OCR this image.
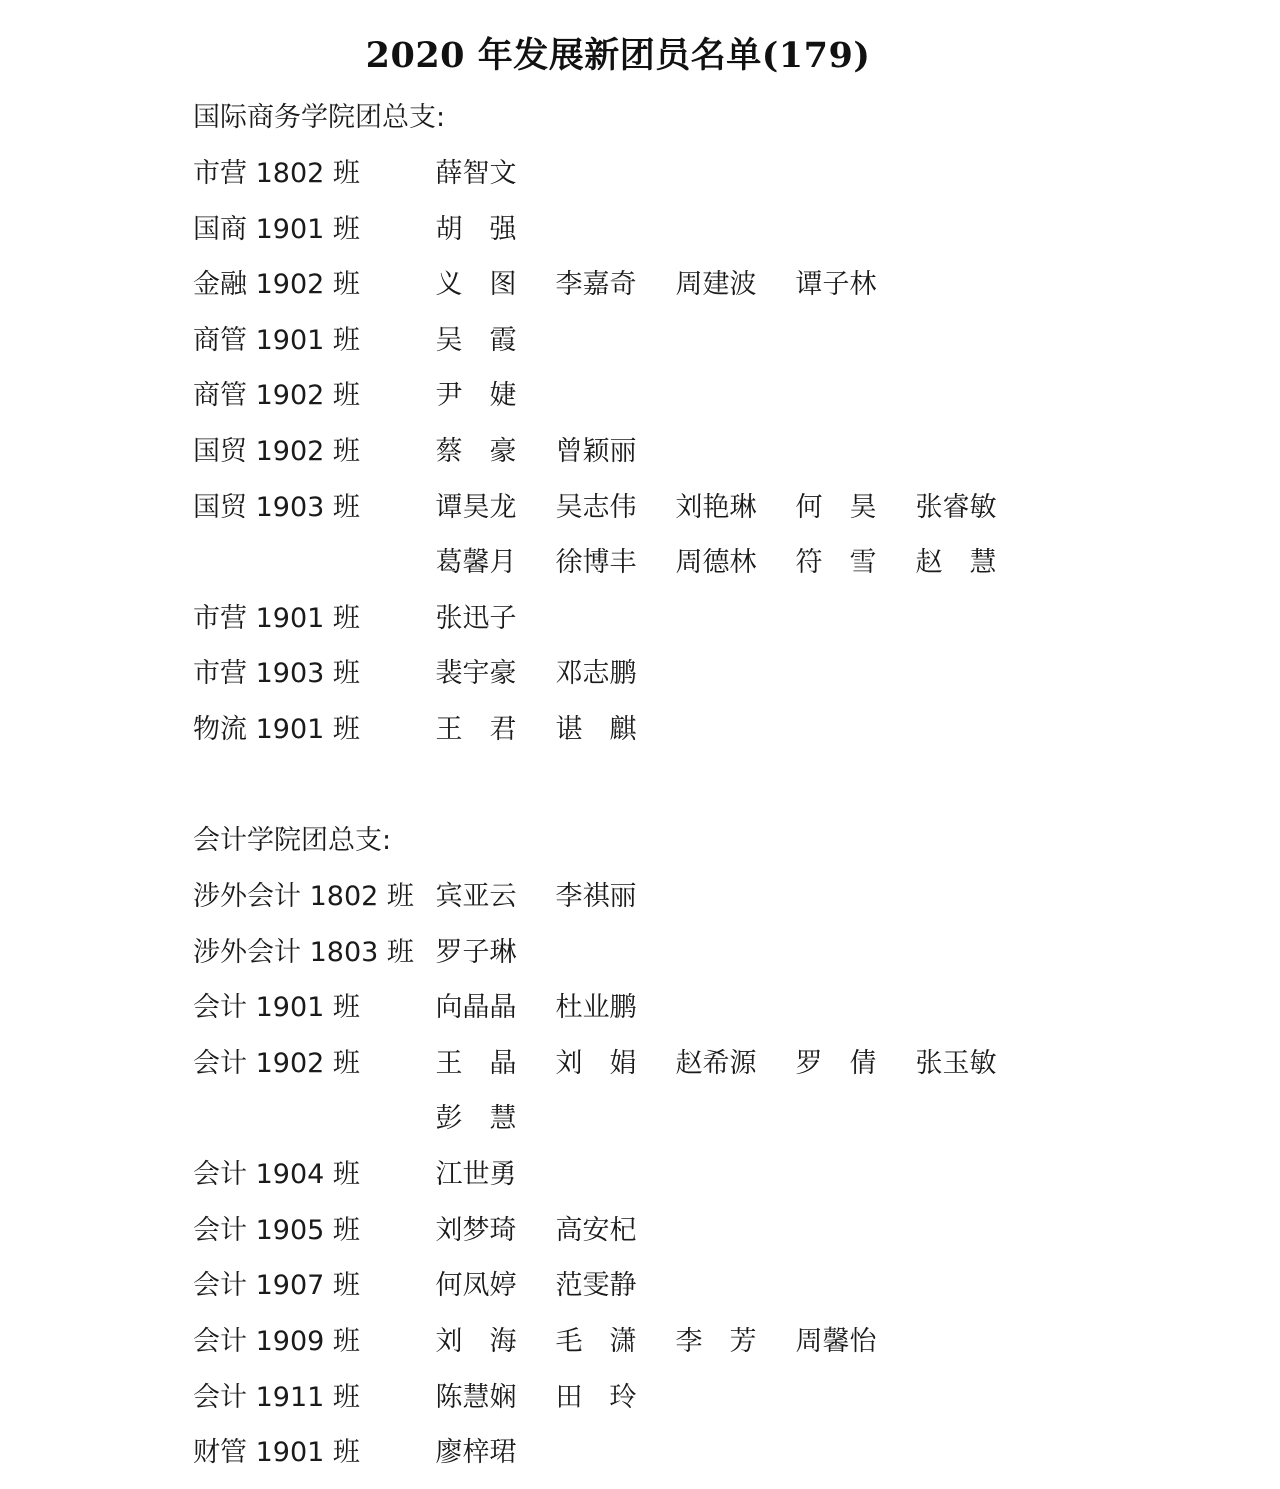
2020 年发展新团员名单(179)
国际商务学院团总支:
市营 1802 班	薛智文
国商 1901 班	胡　强
金融 1902 班	义　图 李嘉奇 周建波 谭子林
商管 1901 班	吴　霞
商管 1902 班	尹　婕
国贸 1902 班	蔡　豪 曾颖丽
国贸 1903 班	谭昊龙 吴志伟 刘艳琳 何　昊 张睿敏
葛馨月 徐博丰 周德林 符　雪 赵　慧
市营 1901 班	张迅子
市营 1903 班	裴宇豪 邓志鹏
物流 1901 班	王　君 谌　麒
会计学院团总支:
涉外会计 1802 班 宾亚云 李祺丽
涉外会计 1803 班 罗子琳
会计 1901 班	向晶晶 杜业鹏
会计 1902 班	王　晶 刘　娟 赵希源 罗　倩 张玉敏
彭　慧
会计 1904 班	江世勇
会计 1905 班	刘梦琦 高安杞
会计 1907 班	何凤婷 范雯静
会计 1909 班	刘　海 毛　潇 李　芳 周馨怡
会计 1911 班	陈慧娴 田　玲
财管 1901 班	廖梓珺
